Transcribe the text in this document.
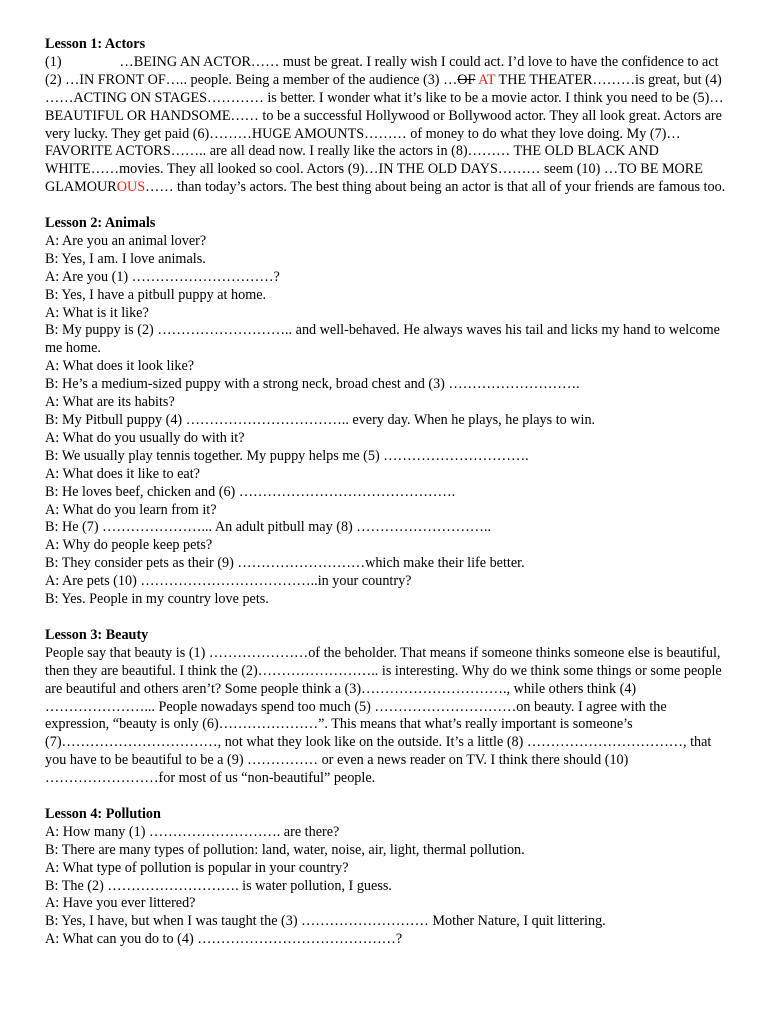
Lesson 1: Actors
(1)	…BEING AN ACTOR…… must be great. I really wish I could act. I’d love to have the confidence to act (2) …IN FRONT OF….. people. Being a member of the audience (3) …OF AT THE THEATER………is great, but (4) ……ACTING ON STAGES………… is better. I wonder what it’s like to be a movie actor. I think you need to be (5)…BEAUTIFUL OR HANDSOME…… to be a successful Hollywood or Bollywood actor. They all look great. Actors are very lucky. They get paid (6)………HUGE AMOUNTS……… of money to do what they love doing. My (7)…FAVORITE ACTORS…….. are all dead now. I really like the actors in (8)……… THE OLD BLACK AND WHITE……movies. They all looked so cool. Actors (9)…IN THE OLD DAYS……… seem (10) …TO BE MORE GLAMOUROUS…… than today’s actors. The best thing about being an actor is that all of your friends are famous too.
Lesson 2: Animals
A: Are you an animal lover?
B: Yes, I am. I love animals.
A: Are you (1) …………………………?
B: Yes, I have a pitbull puppy at home.
A: What is it like?
B: My puppy is (2) ……………………….. and well-behaved. He always waves his tail and licks my hand to welcome me home.
A: What does it look like?
B: He’s a medium-sized puppy with a strong neck, broad chest and (3) ……………………….
A: What are its habits?
B: My Pitbull puppy (4) …………………………….. every day. When he plays, he plays to win.
A: What do you usually do with it?
B: We usually play tennis together. My puppy helps me (5) ………………………….
A: What does it like to eat?
B: He loves beef, chicken and (6) ……………………………………….
A: What do you learn from it?
B: He (7) …………………... An adult pitbull may (8) ………………………..
A: Why do people keep pets?
B: They consider pets as their (9) ………………………which make their life better.
A: Are pets (10) ………………………………..in your country?
B: Yes. People in my country love pets.
Lesson 3: Beauty
People say that beauty is (1) …………………of the beholder. That means if someone thinks someone else is beautiful, then they are beautiful. I think the (2)…………………….. is interesting. Why do we think some things or some people are beautiful and others aren’t? Some people think a (3)…………………………., while others think (4) …………………... People nowadays spend too much (5) …………………………on beauty. I agree with the expression, “beauty is only (6)…………………”. This means that what’s really important is someone’s (7)……………………………, not what they look like on the outside. It’s a little (8) ……………………………, that you have to be beautiful to be a (9) …………… or even a news reader on TV. I think there should (10) ……………………for most of us “non-beautiful” people.
Lesson 4: Pollution
A: How many (1) ………………………. are there?
B: There are many types of pollution: land, water, noise, air, light, thermal pollution.
A: What type of pollution is popular in your country?
B: The (2) ………………………. is water pollution, I guess.
A: Have you ever littered?
B: Yes, I have, but when I was taught the (3) ……………………… Mother Nature, I quit littering.
A: What can you do to (4) ……………………………………?
